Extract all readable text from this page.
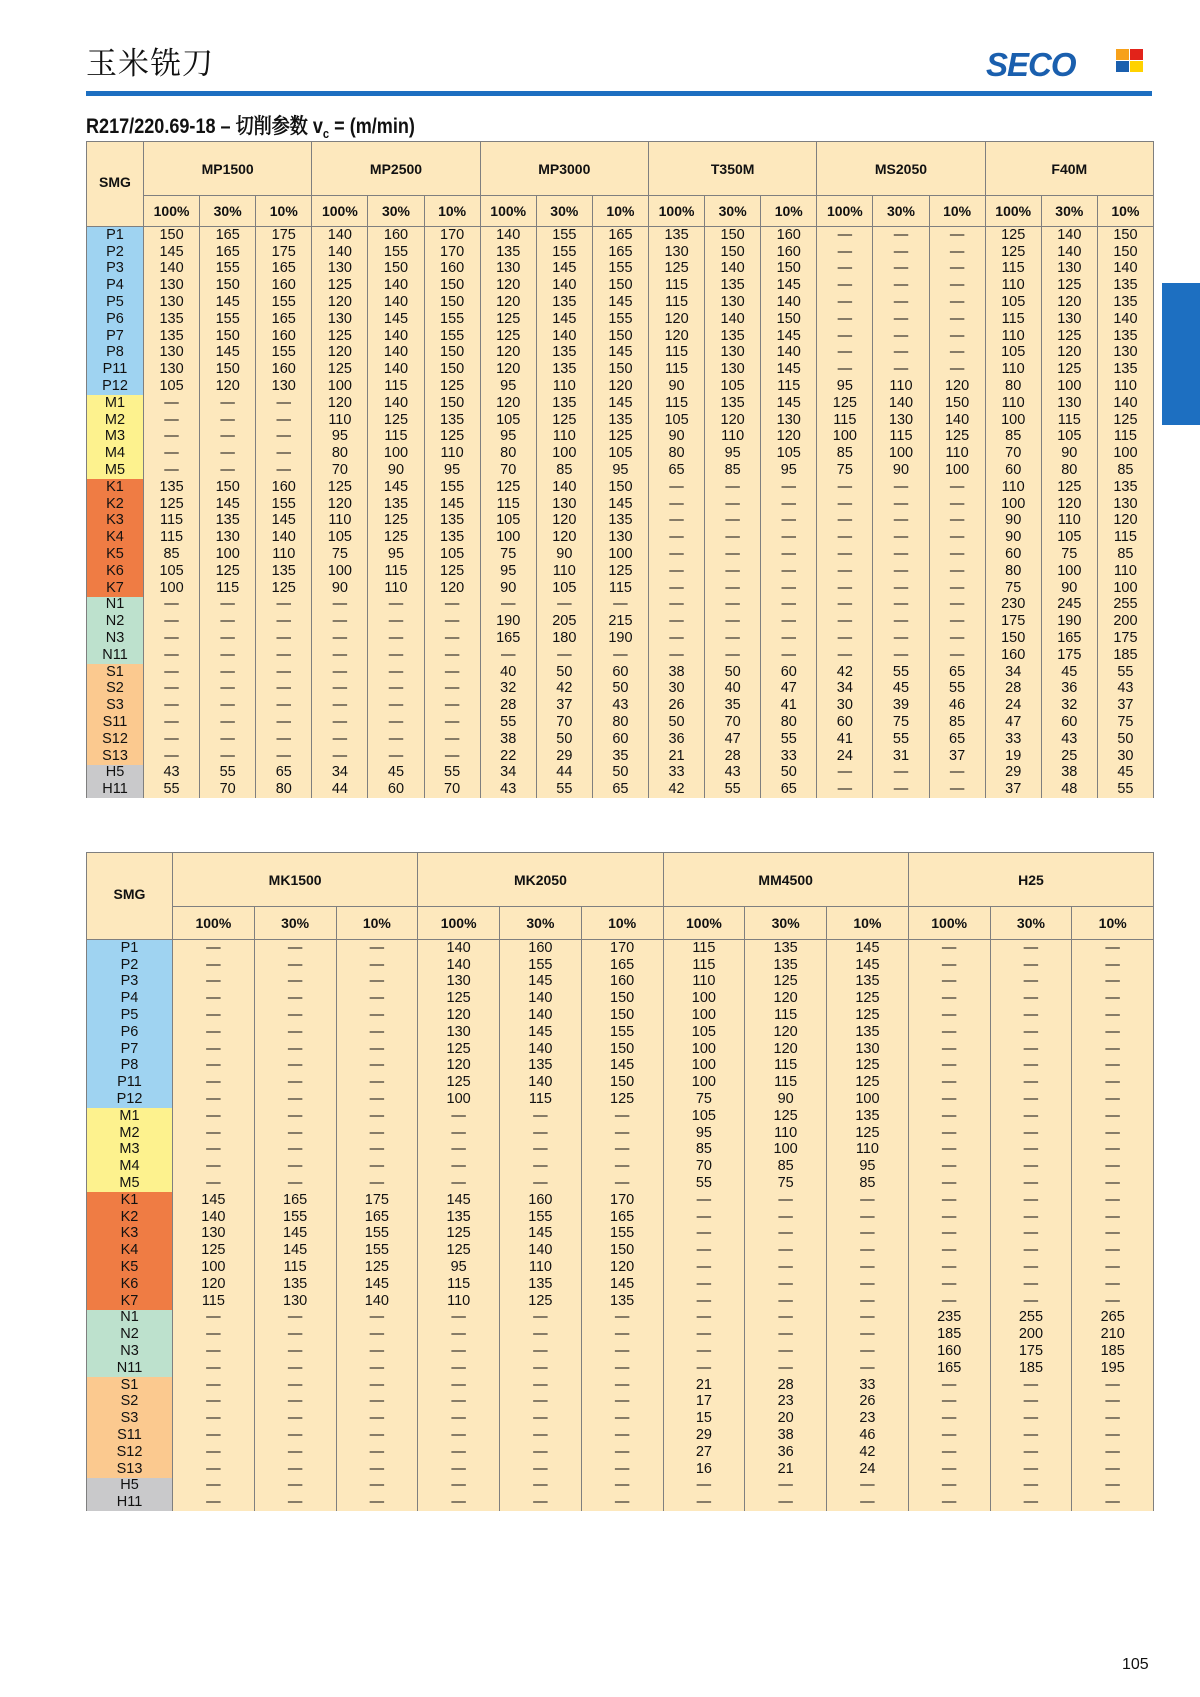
玉米铣刀	SECO
R217/220.69-18 – 切削参数 $v_c = (m/\min)$
SMG	MP1500			MP2500			MP3000			T350M			MS2050			F40M		
	100%	30%	10%	100%	30%	10%	100%	30%	10%	100%	30%	10%	100%	30%	10%	100%	30%	10%
P1	150	165	175	140	160	170	140	155	165	135	150	160	—	—	—	125	140	150
P2	145	165	175	140	155	170	135	155	165	130	150	160	—	—	—	125	140	150
P3	140	155	165	130	150	160	130	145	155	125	140	150	—	—	—	115	130	140
P4	130	150	160	125	140	150	120	140	150	115	135	145	—	—	—	110	125	135
P5	130	145	155	120	140	150	120	135	145	115	130	140	—	—	—	105	120	135
P6	135	155	165	130	145	155	125	145	155	120	140	150	—	—	—	115	130	140
P7	135	150	160	125	140	155	125	140	150	120	135	145	—	—	—	110	125	135
P8	130	145	155	120	140	150	120	135	145	115	130	140	—	—	—	105	120	130
P11	130	150	160	125	140	150	120	135	150	115	130	145	—	—	—	110	125	135
P12	105	120	130	100	115	125	95	110	120	90	105	115	95	110	120	80	100	110
M1	—	—	—	120	140	150	120	135	145	115	135	145	125	140	150	110	130	140
M2	—	—	—	110	125	135	105	125	135	105	120	130	115	130	140	100	115	125
M3	—	—	—	95	115	125	95	110	125	90	110	120	100	115	125	85	105	115
M4	—	—	—	80	100	110	80	100	105	80	95	105	85	100	110	70	90	100
M5	—	—	—	70	90	95	70	85	95	65	85	95	75	90	100	60	80	85
K1	135	150	160	125	145	155	125	140	150	—	—	—	—	—	—	110	125	135
K2	125	145	155	120	135	145	115	130	145	—	—	—	—	—	—	100	120	130
K3	115	135	145	110	125	135	105	120	135	—	—	—	—	—	—	90	110	120
K4	115	130	140	105	125	135	100	120	130	—	—	—	—	—	—	90	105	115
K5	85	100	110	75	95	105	75	90	100	—	—	—	—	—	—	60	75	85
K6	105	125	135	100	115	125	95	110	125	—	—	—	—	—	—	80	100	110
K7	100	115	125	90	110	120	90	105	115	—	—	—	—	—	—	75	90	100
N1	—	—	—	—	—	—	—	—	—	—	—	—	—	—	—	230	245	255
N2	—	—	—	—	—	—	190	205	215	—	—	—	—	—	—	175	190	200
N3	—	—	—	—	—	—	165	180	190	—	—	—	—	—	—	150	165	175
N11	—	—	—	—	—	—	—	—	—	—	—	—	—	—	—	160	175	185
S1	—	—	—	—	—	—	40	50	60	38	50	60	42	55	65	34	45	55
S2	—	—	—	—	—	—	32	42	50	30	40	47	34	45	55	28	36	43
S3	—	—	—	—	—	—	28	37	43	26	35	41	30	39	46	24	32	37
S11	—	—	—	—	—	—	55	70	80	50	70	80	60	75	85	47	60	75
S12	—	—	—	—	—	—	38	50	60	36	47	55	41	55	65	33	43	50
S13	—	—	—	—	—	—	22	29	35	21	28	33	24	31	37	19	25	30
H5	43	55	65	34	45	55	34	44	50	33	43	50	—	—	—	29	38	45
H11	55	70	80	44	60	70	43	55	65	42	55	65	—	—	—	37	48	55
SMG	MK1500			MK2050			MM4500			H25		
	100%	30%	10%	100%	30%	10%	100%	30%	10%	100%	30%	10%
P1	—	—	—	140	160	170	115	135	145	—	—	—
P2	—	—	—	140	155	165	115	135	145	—	—	—
P3	—	—	—	130	145	160	110	125	135	—	—	—
P4	—	—	—	125	140	150	100	120	125	—	—	—
P5	—	—	—	120	140	150	100	115	125	—	—	—
P6	—	—	—	130	145	155	105	120	135	—	—	—
P7	—	—	—	125	140	150	100	120	130	—	—	—
P8	—	—	—	120	135	145	100	115	125	—	—	—
P11	—	—	—	125	140	150	100	115	125	—	—	—
P12	—	—	—	100	115	125	75	90	100	—	—	—
M1	—	—	—	—	—	—	105	125	135	—	—	—
M2	—	—	—	—	—	—	95	110	125	—	—	—
M3	—	—	—	—	—	—	85	100	110	—	—	—
M4	—	—	—	—	—	—	70	85	95	—	—	—
M5	—	—	—	—	—	—	55	75	85	—	—	—
K1	145	165	175	145	160	170	—	—	—	—	—	—
K2	140	155	165	135	155	165	—	—	—	—	—	—
K3	130	145	155	125	145	155	—	—	—	—	—	—
K4	125	145	155	125	140	150	—	—	—	—	—	—
K5	100	115	125	95	110	120	—	—	—	—	—	—
K6	120	135	145	115	135	145	—	—	—	—	—	—
K7	115	130	140	110	125	135	—	—	—	—	—	—
N1	—	—	—	—	—	—	—	—	—	235	255	265
N2	—	—	—	—	—	—	—	—	—	185	200	210
N3	—	—	—	—	—	—	—	—	—	160	175	185
N11	—	—	—	—	—	—	—	—	—	165	185	195
S1	—	—	—	—	—	—	21	28	33	—	—	—
S2	—	—	—	—	—	—	17	23	26	—	—	—
S3	—	—	—	—	—	—	15	20	23	—	—	—
S11	—	—	—	—	—	—	29	38	46	—	—	—
S12	—	—	—	—	—	—	27	36	42	—	—	—
S13	—	—	—	—	—	—	16	21	24	—	—	—
H5	—	—	—	—	—	—	—	—	—	—	—	—
H11	—	—	—	—	—	—	—	—	—	—	—	—
105
